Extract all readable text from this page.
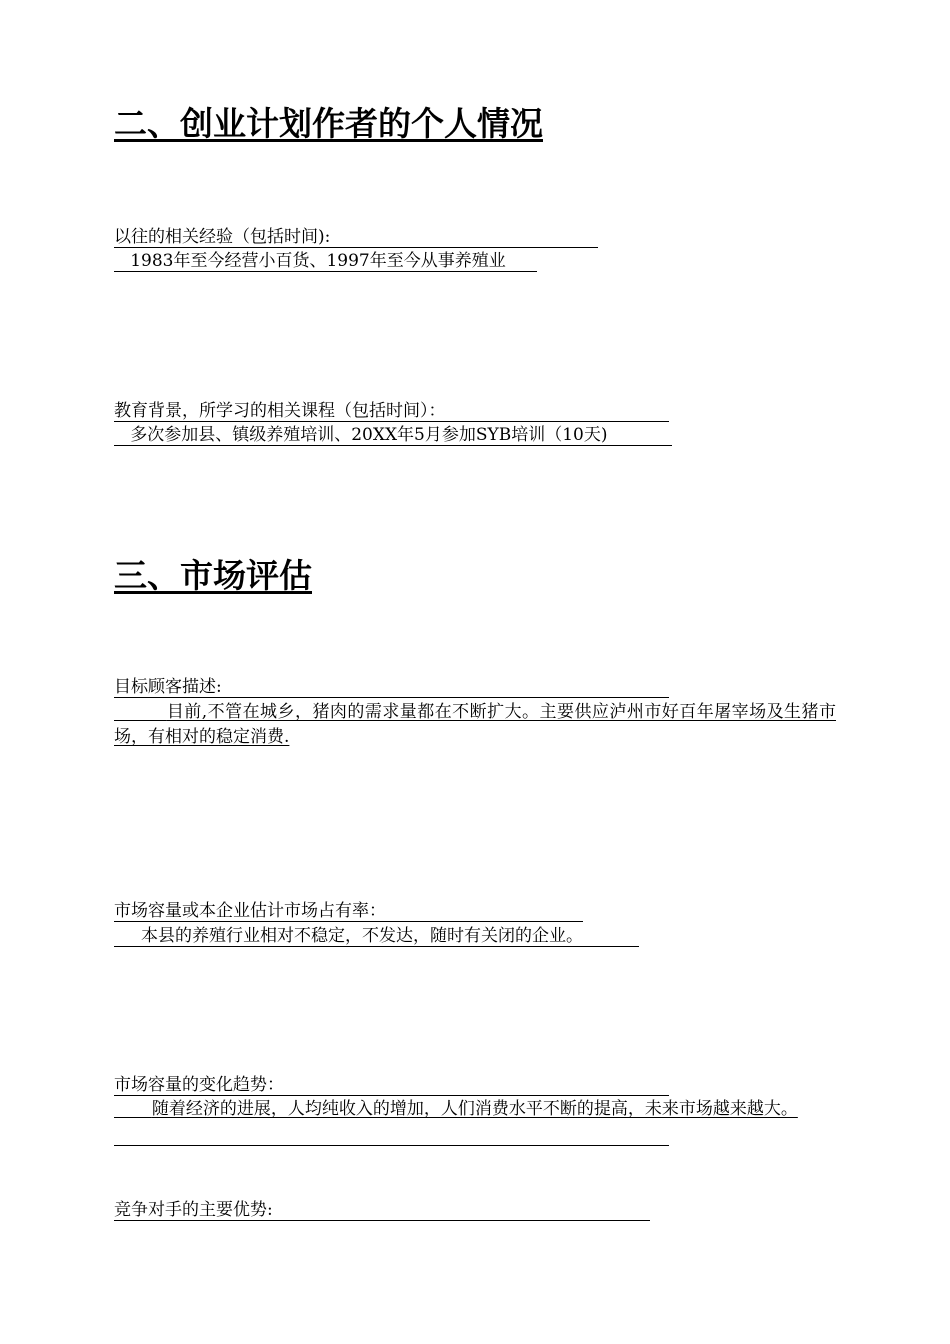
二、创业计划作者的个人情况
以往的相关经验（包括时间):
1983年至今经营小百货、1997年至今从事养殖业
教育背景，所学习的相关课程（包括时间）：
多次参加县、镇级养殖培训、20XX年5月参加SYB培训（10天)
三、市场评估
目标顾客描述:
目前,不管在城乡，猪肉的需求量都在不断扩大。主要供应泸州市好百年屠宰场及生猪市场，有相对的稳定消费.
市场容量或本企业估计市场占有率：
本县的养殖行业相对不稳定，不发达，随时有关闭的企业。
市场容量的变化趋势：
随着经济的进展，人均纯收入的增加，人们消费水平不断的提高，未来市场越来越大。
竞争对手的主要优势:
